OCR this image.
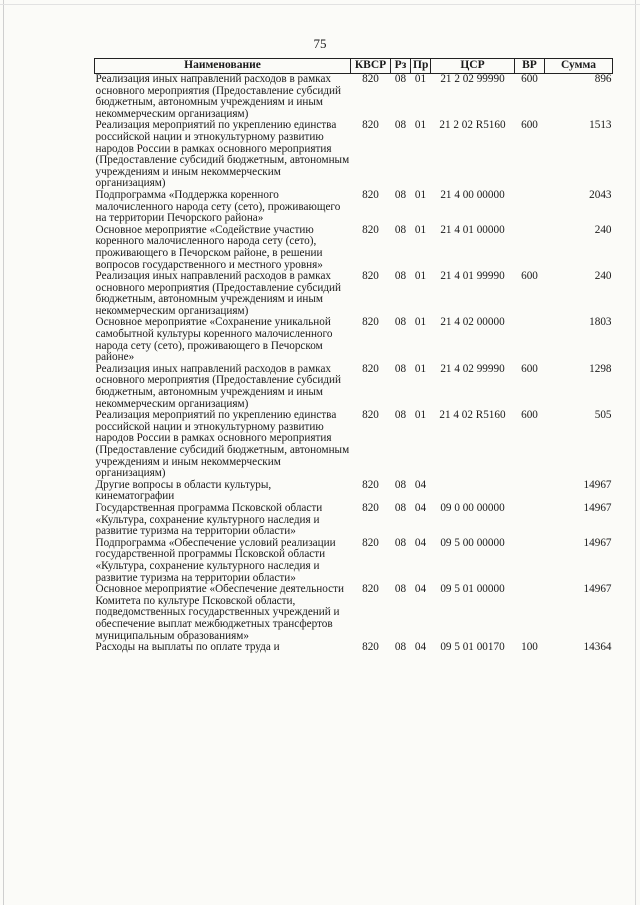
75
Наименование	КВСР	Рз	Пр	ЦСР	ВР	Сумма
Реализация иных направлений расходов в рамках основного мероприятия (Предоставление субсидий бюджетным, автономным учреждениям и иным некоммерческим организациям)	820	08	01	21 2 02 99990	600	896
Реализация мероприятий по укреплению единства российской нации и этнокультурному развитию народов России в рамках основного мероприятия (Предоставление субсидий бюджетным, автономным учреждениям и иным некоммерческим организациям)	820	08	01	21 2 02 R5160	600	1513
Подпрограмма «Поддержка коренного малочисленного народа сету (сето), проживающего на территории Печорского района»	820	08	01	21 4 00 00000		2043
Основное мероприятие «Содействие участию коренного малочисленного народа сету (сето), проживающего в Печорском районе, в решении вопросов государственного и местного уровня»	820	08	01	21 4 01 00000		240
Реализация иных направлений расходов в рамках основного мероприятия (Предоставление субсидий бюджетным, автономным учреждениям и иным некоммерческим организациям)	820	08	01	21 4 01 99990	600	240
Основное мероприятие «Сохранение уникальной самобытной культуры коренного малочисленного народа сету (сето), проживающего в Печорском районе»	820	08	01	21 4 02 00000		1803
Реализация иных направлений расходов в рамках основного мероприятия (Предоставление субсидий бюджетным, автономным учреждениям и иным некоммерческим организациям)	820	08	01	21 4 02 99990	600	1298
Реализация мероприятий по укреплению единства российской нации и этнокультурному развитию народов России в рамках основного мероприятия (Предоставление субсидий бюджетным, автономным учреждениям и иным некоммерческим организациям)	820	08	01	21 4 02 R5160	600	505
Другие вопросы в области культуры, кинематографии	820	08	04			14967
Государственная программа Псковской области «Культура, сохранение культурного наследия и развитие туризма на территории области»	820	08	04	09 0 00 00000		14967
Подпрограмма «Обеспечение условий реализации государственной программы Псковской области «Культура, сохранение культурного наследия и развитие туризма на территории области»	820	08	04	09 5 00 00000		14967
Основное мероприятие «Обеспечение деятельности Комитета по культуре Псковской области, подведомственных государственных учреждений и обеспечение выплат межбюджетных трансфертов муниципальным образованиям»	820	08	04	09 5 01 00000		14967
Расходы на выплаты по оплате труда и	820	08	04	09 5 01 00170	100	14364
